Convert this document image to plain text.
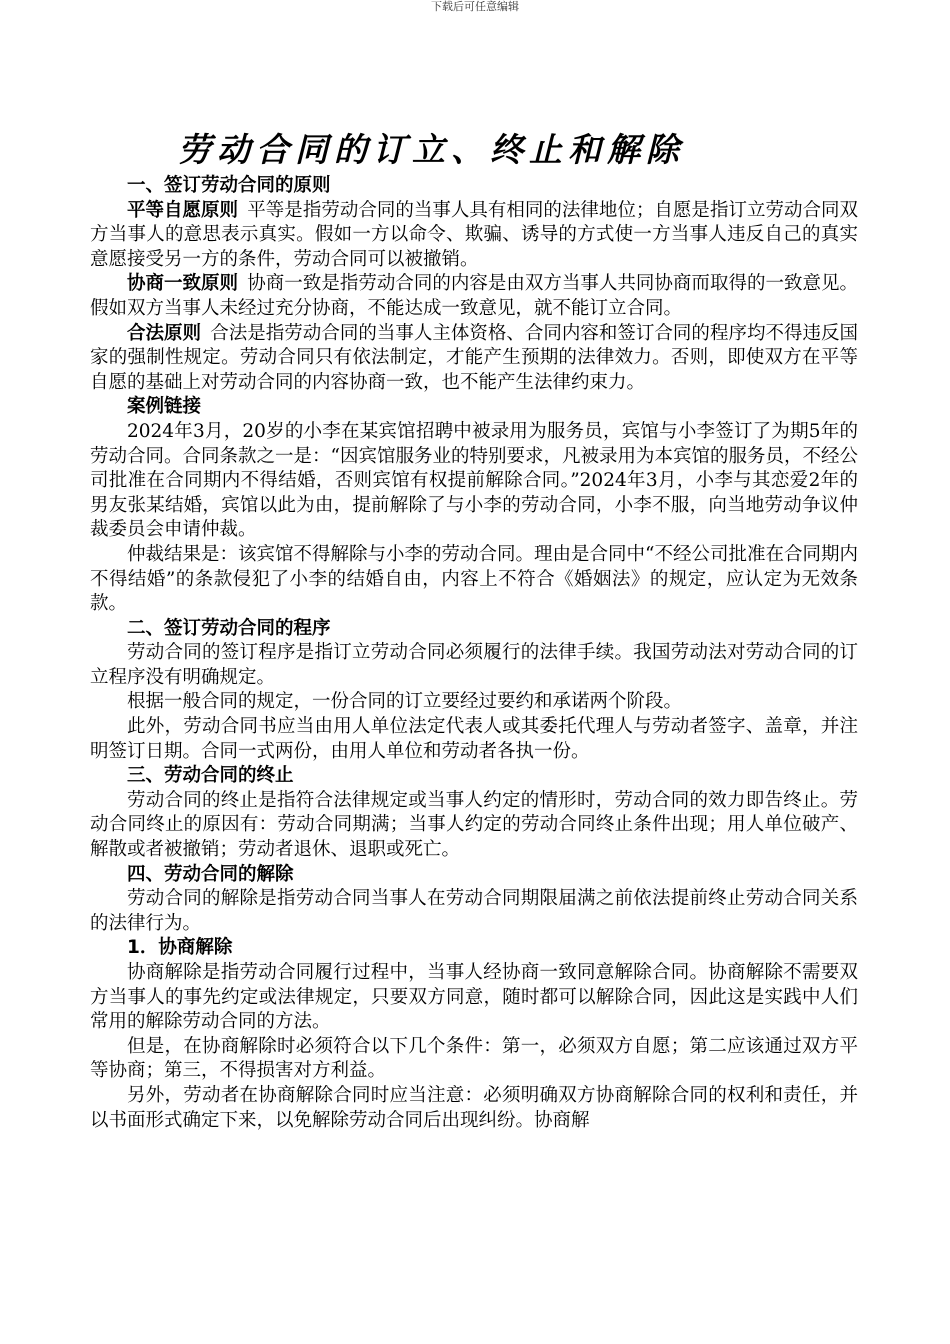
下载后可任意编辑
劳动合同的订立、终止和解除
一、签订劳动合同的原则

平等自愿原则 平等是指劳动合同的当事人具有相同的法律地位；自愿是指订立劳动合同双方当事人的意思表示真实。假如一方以命令、欺骗、诱导的方式使一方当事人违反自己的真实意愿接受另一方的条件，劳动合同可以被撤销。

协商一致原则 协商一致是指劳动合同的内容是由双方当事人共同协商而取得的一致意见。假如双方当事人未经过充分协商，不能达成一致意见，就不能订立合同。

合法原则 合法是指劳动合同的当事人主体资格、合同内容和签订合同的程序均不得违反国家的强制性规定。劳动合同只有依法制定，才能产生预期的法律效力。否则，即使双方在平等自愿的基础上对劳动合同的内容协商一致，也不能产生法律约束力。

案例链接

2024年3月，20岁的小李在某宾馆招聘中被录用为服务员，宾馆与小李签订了为期5年的劳动合同。合同条款之一是：“因宾馆服务业的特别要求，凡被录用为本宾馆的服务员，不经公司批准在合同期内不得结婚，否则宾馆有权提前解除合同。”2024年3月，小李与其恋爱2年的男友张某结婚，宾馆以此为由，提前解除了与小李的劳动合同，小李不服，向当地劳动争议仲裁委员会申请仲裁。

仲裁结果是：该宾馆不得解除与小李的劳动合同。理由是合同中“不经公司批准在合同期内不得结婚”的条款侵犯了小李的结婚自由，内容上不符合《婚姻法》的规定，应认定为无效条款。

二、签订劳动合同的程序

劳动合同的签订程序是指订立劳动合同必须履行的法律手续。我国劳动法对劳动合同的订立程序没有明确规定。

根据一般合同的规定，一份合同的订立要经过要约和承诺两个阶段。

此外，劳动合同书应当由用人单位法定代表人或其委托代理人与劳动者签字、盖章，并注明签订日期。合同一式两份，由用人单位和劳动者各执一份。

三、劳动合同的终止

劳动合同的终止是指符合法律规定或当事人约定的情形时，劳动合同的效力即告终止。劳动合同终止的原因有：劳动合同期满；当事人约定的劳动合同终止条件出现；用人单位破产、解散或者被撤销；劳动者退休、退职或死亡。

四、劳动合同的解除

劳动合同的解除是指劳动合同当事人在劳动合同期限届满之前依法提前终止劳动合同关系的法律行为。

1．协商解除

协商解除是指劳动合同履行过程中，当事人经协商一致同意解除合同。协商解除不需要双方当事人的事先约定或法律规定，只要双方同意，随时都可以解除合同，因此这是实践中人们常用的解除劳动合同的方法。

但是，在协商解除时必须符合以下几个条件：第一，必须双方自愿；第二应该通过双方平等协商；第三，不得损害对方利益。

另外，劳动者在协商解除合同时应当注意：必须明确双方协商解除合同的权利和责任，并以书面形式确定下来，以免解除劳动合同后出现纠纷。协商解
